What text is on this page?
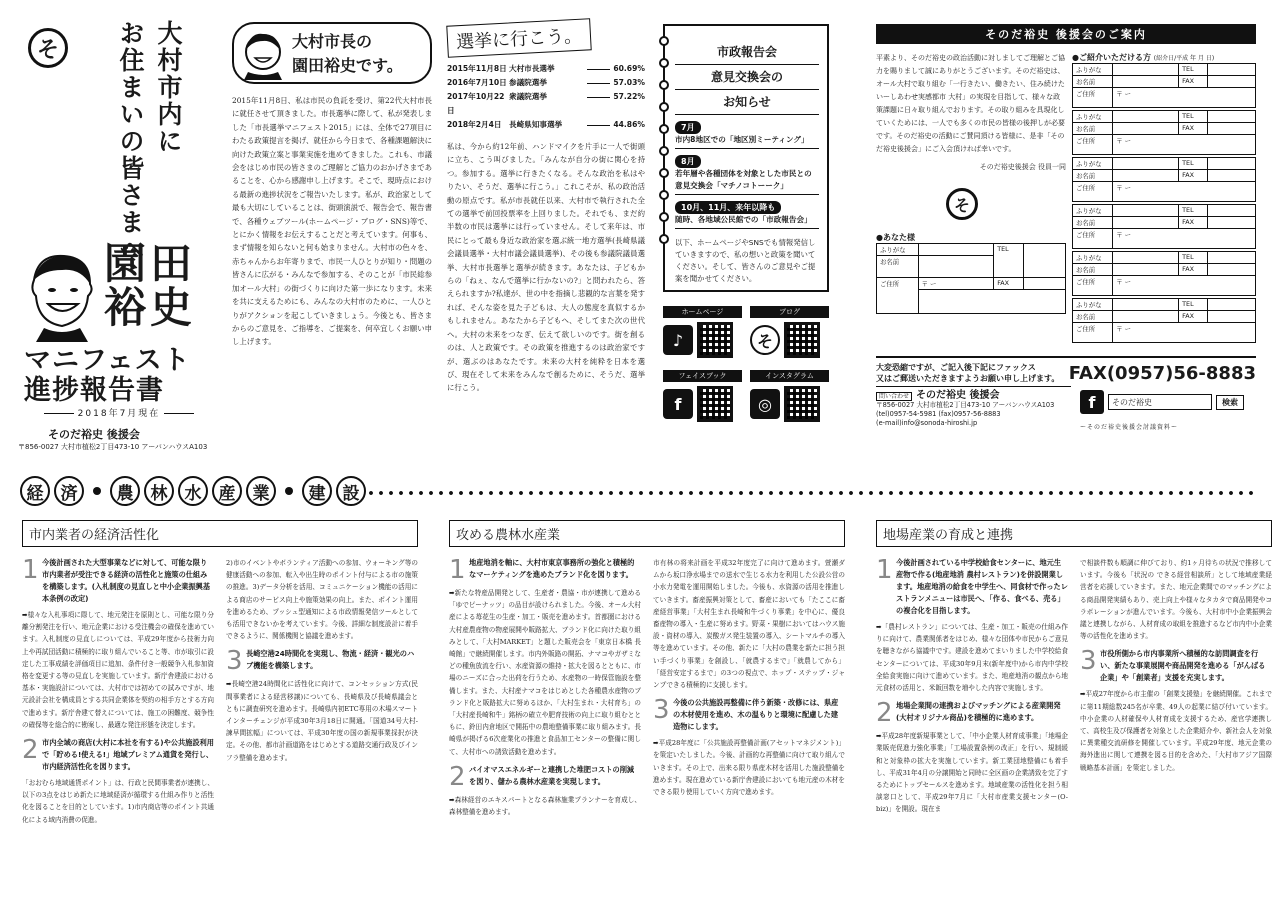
そ	大村市内に
お住まいの皆さまへ
園田裕史
マニフェスト進捗報告書
2018年7月現在
そのだ裕史 後援会
〒856-0027 大村市植松2丁目473-10 アーバンハウスA103
大村市長の
園田裕史です。

2015年11月8日、私は市民の負託を受け、第22代大村市長に就任させて頂きました。市長選挙に際して、私が発表しました「市長選挙マニフェスト2015」には、全体で27項目にわたる政策提言を掲げ、就任から今日まで、各種課題解決に向けた政策立案と事業実施を進めてきました。これも、市議会をはじめ市民の皆さまのご理解とご協力のおかげさまであることを、心から感謝申し上げます。そこで、現時点における最新の進捗状況をご報告いたします。私が、政治家として最も大切にしていることは、街頭演説で、報告会で、報告書で、各種ウェブツール(ホームページ・ブログ・SNS)等で、とにかく情報をお伝えすることだと考えています。何事も、まず情報を知らないと何も始まりません。大村市の色々を、赤ちゃんからお年寄りまで、市民一人ひとりが知り・問題の皆さんに広がる・みんなで参加する、そのことが「市民総参加オール大村」の街づくりに向けた第一歩になります。未来を共に支えるためにも、みんなの大村市のために、一人ひとりがアクションを起こしていきましょう。今後とも、皆さまからのご意見を、ご指導を、ご提案を、何卒宜しくお願い申し上げます。

選挙に行こう。
2015年11月8日 大村市長選挙	60.69%
2016年7月10日 参議院選挙	57.03%
2017年10月22日
衆議院選挙	57.22%
2018年2月4日 長崎県知事選挙	44.86%

私は、今から約12年前、ハンドマイクを片手に一人で街頭に立ち、こう叫びました。「みんなが自分の街に関心を持つ。参加する。選挙に行きたくなる。そんな政治を私はやりたい、そうだ、選挙に行こう。」これこそが、私の政治活動の原点です。私が市長就任以来、大村市で執行された全ての選挙で前回投票率を上回りました。それでも、まだ約半数の市民は選挙には行っていません。そして来年は、市民にとって最も身近な政治家を選ぶ統一地方選挙(長崎県議会議員選挙・大村市議会議員選挙)、その後も参議院議員選挙、大村市長選挙と選挙が続きます。あなたは、子どもからの「ねぇ、なんで選挙に行かないの?」と問われたら、答えられますか?私達が、世の中を指摘し悲観的な言葉を発すれば、そんな姿を見た子どもは、大人の態度を真似するかもしれません。あなたから子どもへ、そしてまた次の世代へ。大村の未来をつなぎ、伝えて欲しいのです。街を創るのは、人と政策です。その政策を推進するのは政治家ですが、選ぶのはあなたです。未来の大村を純粋を日本を選び、現在そして未来をみんなで創るために、そうだ、選挙に行こう。

市政報告会
意見交換会の
お知らせ
7月
市内8地区での「地区別ミーティング」
8月
若年層や各種団体を対象とした市民との意見交換会「マチノコトーーク」
10月、11月、来年以降も
随時、各地域公民館での「市政報告会」

以下、ホームページやSNSでも情報発信していきますので、私の想いと政策を聞いてください。そして、皆さんのご意見やご提案を聞かせてください。

ホームページ
♪
ブログ
そ
フェイスブック
f
インスタグラム
◎
そのだ裕史 後援会のご案内

平素より、そのだ裕史の政治活動に対しましてご理解とご協力を賜りまして誠にありがとうございます。そのだ裕史は、オール大村で取り組む「一行きたい、働きたい、住み続けたいーしあわせ実感都市 大村」の実現を目指して、様々な政策課題に日々取り組んでおります。その取り組みを具現化していくためには、一人でも多くの市民の皆様の後押しが必要です。そのだ裕史の活動にご賛同頂ける皆様に、是非「そのだ裕史後援会」にご入会頂ければ幸いです。

そのだ裕史後援会 役員一同

そ
●あなた様
ふりがな		TEL	
お名前			
ご住所	〒 ー	FAX	

●ご紹介いただける方 (紹介日/平成 年 月 日)
ふりがな		TEL	
お名前		FAX	
ご住所	〒 ー		
ふりがな		TEL	
お名前		FAX	
ご住所	〒 ー		
ふりがな		TEL	
お名前		FAX	
ご住所	〒 ー		
ふりがな		TEL	
お名前		FAX	
ご住所	〒 ー		
ふりがな		TEL	
お名前		FAX	
ご住所	〒 ー		
ふりがな		TEL	
お名前		FAX	
ご住所	〒 ー		
大変恐縮ですが、ご記入後下記にファックス
又はご郵送いただきますようお願い申し上げます。 FAX(0957)56-8883
問い合わせ そのだ裕史 後援会
〒856-0027 大村市植松2丁目473-10 アーバンハウスA103
(tel)0957-54-5981 (fax)0957-56-8883
(e-mail)info@sonoda-hiroshi.jp
f	そのだ裕史	検索
ーそのだ裕史後援会討議資料ー
経	済	農	林	水	産	業	建	設
市内業者の経済活性化
1 今後計画された大型事業などに対して、可能な限り市内業者が受注できる経済の活性化と施策の仕組みを構築します。(入札制度の見直しと中小企業振興基本条例の改定)

➡様々な入札事項に際して、地元発注を原則とし、可能な限り分離分割発注を行い、地元企業における受注機会の確保を進めています。入札制度の見直しについては、平成29年度から技術力向上や再試団活動に積極的に取り組んでいること等、市が取引に設定した工事成績を評価項目に追加、条件付き一般競争入札参加資格を変更する等の見直しを実施しています。新庁舎建設における基本・実施設計については、大村市では初めての試みですが、地元設計会社を構成員とする共同企業体を契約の相手方とする方向で進めます。新庁舎建て替えについては、施工の困難度、競争性の確保等を総合的に勘案し、最適な発注形態を決定します。

2 市内全域の商店(大村に本社を有する)や公共施設利用で「貯める!使える!」地域プレミアム通貨を発行し、市内経済活性化を図ります。

「おおむら地域通貨ポイント」は、行政と民間事業者が連携し、以下の3点をはじめ新たに地域経済が循環する仕組み作りと活性化を図ることを目的としています。1)市内商店等のポイント共通化による域内消費の促進。

2)市のイベントやボランティア活動への参加、ウォーキング等の健康活動への参加、転入や出生時のポイント付与による市の施策の推進。3)データ分析を活用、コミュニケーション機能の活用による商店のサービス向上や施策効果の向上。また、ポイント運用を進めるため、プッシュ型通知による市政情報発信ツールとしても活用できないかを考えています。今後、詳細な制度設計に着手できるように、関係機関と協議を進めます。

3 長崎空港24時間化を実現し、物流・経済・観光のハブ機能を構築します。

➡長崎空港24時間化に活性化に向けて、コンセッション方式(民間事業者による経営移譲)についても、長崎県及び長崎県議会とともに調査研究を進めます。長崎県内初ETC専用の木場スマートインターチェンジが平成30年3月18日に開通。「国道34号大村-諫早間拡幅」については、平成30年度の国の新規事業採択が決定。その他、都市計画道路をはじめとする道路交通行政及びインフラ整備を進めます。

攻める農林水産業
1 地産地消を軸に、大村市東京事務所の強化と積極的なマーケティングを進めたブランド化を図ります。

➡新たな特産品開発として、生産者・農協・市が連携して進める「ゆでピーナッツ」の品目が設けられました。今後、オール大村産による苺花生の生産・加工・販売を進めます。首都圏における大村産農産物の物産展開や販路拡大、ブランド化に向けた取り組みとして、「大村MARKET」と題した販売会を「東京日本橋 長崎館」で継続開催します。市内外販路の開拓、ナマコやガザミなどの種魚放流を行い、水産資源の維持・拡大を図るとともに、市場のニーズに合った出荷を行うため、水産物の一時保管施設を整備します。また、大村産ナマコをはじめとした各種農水産物のブランド化と販路拡大に努めるほか、「大村生まれ・大村育ち」の「大村産長崎和牛」銘柄の確立や肥育技術の向上に取り組むとともに、鈴田内倉地区で開拓中の農地整備事業に取り組みます。長崎県が掲げる6次産業化の推進と食品加工センターの整備に関して、大村市への誘致活動を進めます。

2 バイオマスエネルギーと連携した堆肥コストの削減を図り、儲かる農林水産業を実現します。

➡森林経営のエキスパートとなる森林施業プランナーを育成し、森林整備を進めます。

市有林の将来計画を平成32年度完了に向けて進めます。萱瀬ダムから坂口浄水場までの送水で生じる水力を利用した公設公営の小水力発電を運用開始しました。今後も、水資源の活用を推進していきます。畜産振興対策として、畜産においても「たここに畜産経営事業」「大村生まれ長崎和牛づくり事業」を中心に、優良畜産物の導入・生産に努めます。野菜・果樹においてはハウス施設・資材の導入、炭酸ガス発生装置の導入、シートマルチの導入等を進めています。その他、新たに「大村の農業を新たに担う担い手づくり事業」を創設し、「就農するまで」「就農してから」「経営安定するまで」の3つの視点で、ホップ・ステップ・ジャンプできる積極的に支援します。

3 今後の公共施設再整備に伴う新築・改修には、県産の木材使用を進め、木の温もりと環境に配慮した建造物にします。

➡平成28年度に「公共施設再整備計画(アセットマネジメント)」を策定いたしました。今後、計画的な再整備に向けて取り組んでいきます。その上で、出来る限り県産木材を活用した施設整備を進めます。現在進めている新庁舎建設においても地元産の木材を できる限り使用していく方向で進めます。

地場産業の育成と連携
1 今後計画されている中学校給食センターに、地元生産物で作る(地産地消 農村レストラン)を併設開業します。地産地消の給食を中学生へ、同食材で作ったレストランメニューは市民へ、「作る、食べる、売る」の複合化を目指します。

➡「農村レストラン」については、生産・加工・販売の仕組み作りに向けて、農業関係者をはじめ、様々な団体や市民からご意見を聴きながら協議中です。建設を進めてまいりました中学校給食センターについては、平成30年9月末(新年度中)から市内中学校全給食実施に向けて進めています。また、地産地消の観点から地元食材の活用と、米飯回数を増やした内容で実施します。

2 地場企業間の連携およびマッチングによる産業開発(大村オリジナル商品)を積極的に進めます。

➡平成28年度新規事業として、「中小企業人材育成事業」「地場企業販売促進力強化事業」「工場設置条例の改正」を行い、規制緩和と対象枠の拡大を実施しています。新工業団地整備にも着手し、平成31年4月の分譲開始と同時に全区画の企業誘致を完了するためにトップセールスを進めます。地域産業の活性化を担う相談窓口として、平成29年7月に「大村市産業支援センター(O-biz)」を開設。現在ま

で相談件数も順調に伸びており、約1ヶ月待ちの状況で推移しています。今後も「状況の できる経営相談所」として地域産業経営者を応援していきます。また、地元企業間でのマッチングによる商品開発実績もあり、売上向上や様々なタカタで商品開発やコラボレーションが進んでいます。今後も、大村市中小企業振興会議と連携しながら、人材育成の取組を推進するなど市内中小企業等の活性化を進めます。

3 市役所側から市内事業所へ積極的な訪問調査を行い、新たな事業展開や商品開発を進める「がんばる企業」や「創業者」支援を充実します。

➡平成27年度から市主催の「創業支援塾」を継続開催。これまでに第11期総数245名が卒業、49人の起業に結び付いています。中小企業の人材確保や人材育成を支援するため、産官学連携して、高校生及び保護者を対象とした企業紹介や、新社会人を対象に異業種交流研修を開催しています。平成29年度、地元企業の海外進出に関して連携を図る目的を含めた、「大村市アジア国際戦略基本計画」を策定しました。
